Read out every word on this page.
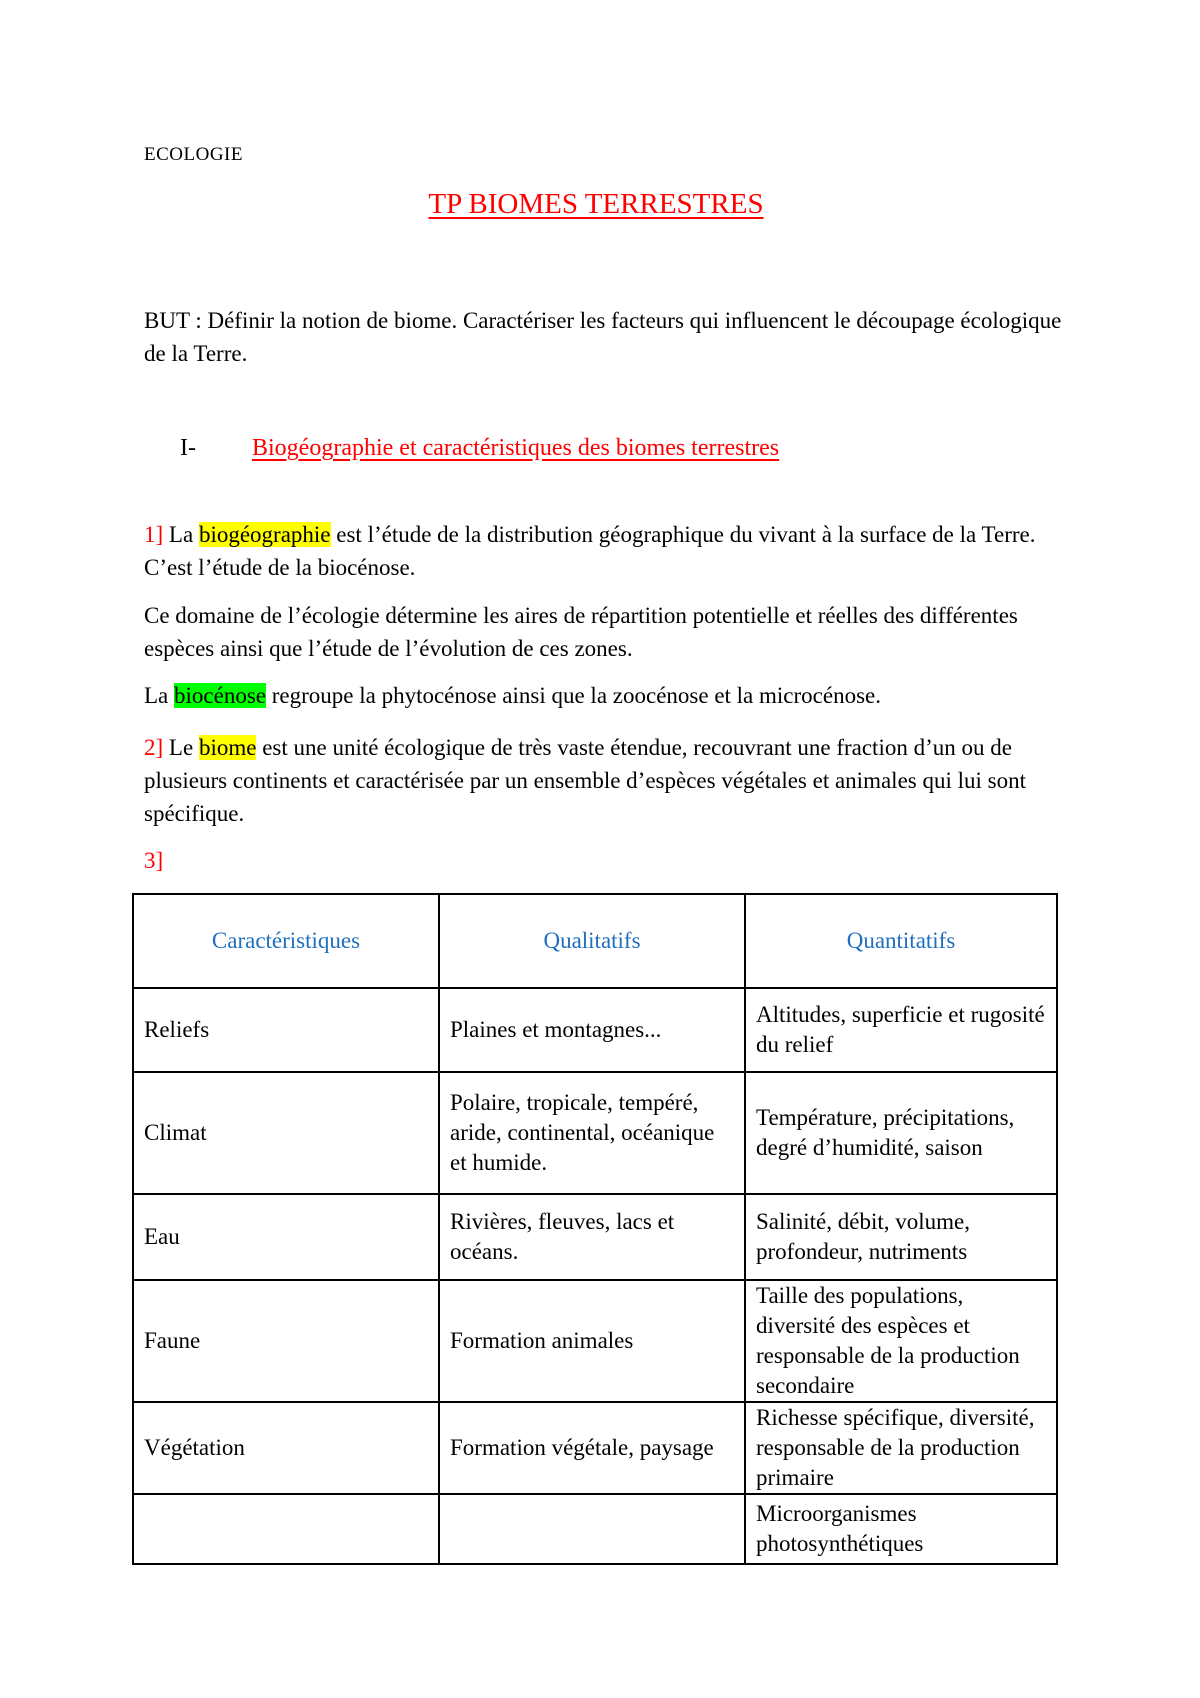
ECOLOGIE
TP BIOMES TERRESTRES
BUT : Définir la notion de biome. Caractériser les facteurs qui influencent le découpage écologique de la Terre.
I- Biogéographie et caractéristiques des biomes terrestres
1] La biogéographie est l’étude de la distribution géographique du vivant à la surface de la Terre. C’est l’étude de la biocénose.
Ce domaine de l’écologie détermine les aires de répartition potentielle et réelles des différentes espèces ainsi que l’étude de l’évolution de ces zones.
La biocénose regroupe la phytocénose ainsi que la zoocénose et la microcénose.
2] Le biome est une unité écologique de très vaste étendue, recouvrant une fraction d’un ou de plusieurs continents et caractérisée par un ensemble d’espèces végétales et animales qui lui sont spécifique.
3]
Caractéristiques	Qualitatifs	Quantitatifs
Reliefs	Plaines et montagnes...	Altitudes, superficie et rugosité du relief
Climat	Polaire, tropicale, tempéré, aride, continental, océanique et humide.	Température, précipitations, degré d’humidité, saison
Eau	Rivières, fleuves, lacs et océans.	Salinité, débit, volume, profondeur, nutriments
Faune	Formation animales	Taille des populations, diversité des espèces et responsable de la production secondaire
Végétation	Formation végétale, paysage	Richesse spécifique, diversité, responsable de la production primaire
		Microorganismes photosynthétiques
